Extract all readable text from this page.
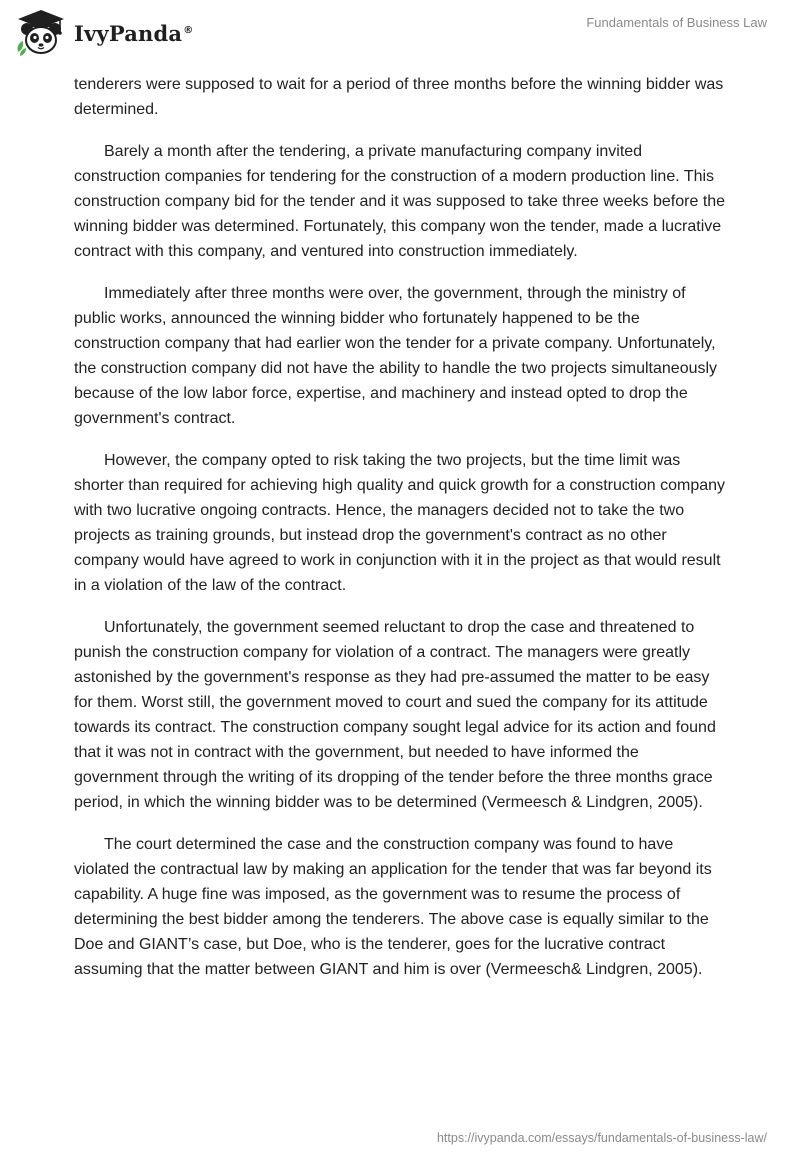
IvyPanda®	Fundamentals of Business Law

tenderers were supposed to wait for a period of three months before the winning bidder was determined.

Barely a month after the tendering, a private manufacturing company invited construction companies for tendering for the construction of a modern production line. This construction company bid for the tender and it was supposed to take three weeks before the winning bidder was determined. Fortunately, this company won the tender, made a lucrative contract with this company, and ventured into construction immediately.

Immediately after three months were over, the government, through the ministry of public works, announced the winning bidder who fortunately happened to be the construction company that had earlier won the tender for a private company. Unfortunately, the construction company did not have the ability to handle the two projects simultaneously because of the low labor force, expertise, and machinery and instead opted to drop the government's contract.

However, the company opted to risk taking the two projects, but the time limit was shorter than required for achieving high quality and quick growth for a construction company with two lucrative ongoing contracts. Hence, the managers decided not to take the two projects as training grounds, but instead drop the government's contract as no other company would have agreed to work in conjunction with it in the project as that would result in a violation of the law of the contract.

Unfortunately, the government seemed reluctant to drop the case and threatened to punish the construction company for violation of a contract. The managers were greatly astonished by the government's response as they had pre-assumed the matter to be easy for them. Worst still, the government moved to court and sued the company for its attitude towards its contract. The construction company sought legal advice for its action and found that it was not in contract with the government, but needed to have informed the government through the writing of its dropping of the tender before the three months grace period, in which the winning bidder was to be determined (Vermeesch & Lindgren, 2005).

The court determined the case and the construction company was found to have violated the contractual law by making an application for the tender that was far beyond its capability. A huge fine was imposed, as the government was to resume the process of determining the best bidder among the tenderers. The above case is equally similar to the Doe and GIANT’s case, but Doe, who is the tenderer, goes for the lucrative contract assuming that the matter between GIANT and him is over (Vermeesch& Lindgren, 2005).

https://ivypanda.com/essays/fundamentals-of-business-law/
